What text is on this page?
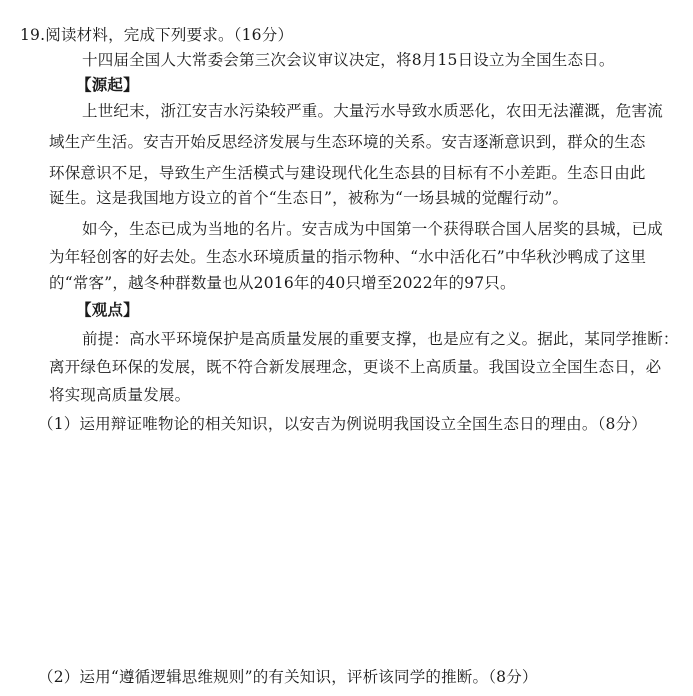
19.阅读材料，完成下列要求。（16分）
十四届全国人大常委会第三次会议审议决定，将8月15日设立为全国生态日。
【源起】
上世纪末，浙江安吉水污染较严重。大量污水导致水质恶化，农田无法灌溉，危害流
域生产生活。安吉开始反思经济发展与生态环境的关系。安吉逐渐意识到，群众的生态
环保意识不足，导致生产生活模式与建设现代化生态县的目标有不小差距。生态日由此
诞生。这是我国地方设立的首个“生态日”，被称为“一场县城的觉醒行动”。
如今，生态已成为当地的名片。安吉成为中国第一个获得联合国人居奖的县城，已成
为年轻创客的好去处。生态水环境质量的指示物种、“水中活化石”中华秋沙鸭成了这里
的“常客”，越冬种群数量也从2016年的40只增至2022年的97只。
【观点】
前提：高水平环境保护是高质量发展的重要支撑，也是应有之义。据此，某同学推断：
离开绿色环保的发展，既不符合新发展理念，更谈不上高质量。我国设立全国生态日，必
将实现高质量发展。
（1）运用辩证唯物论的相关知识，以安吉为例说明我国设立全国生态日的理由。（8分）
（2）运用“遵循逻辑思维规则”的有关知识，评析该同学的推断。（8分）
